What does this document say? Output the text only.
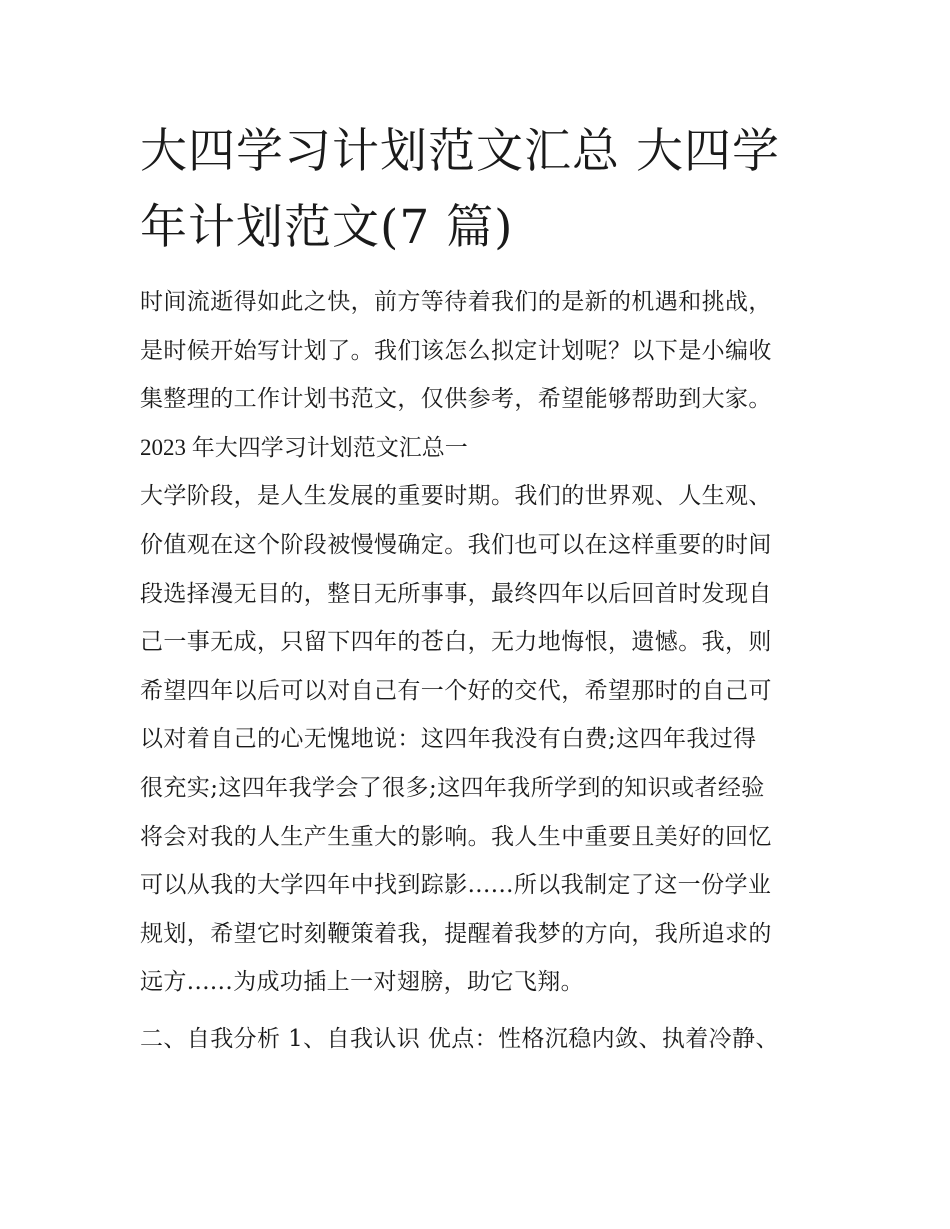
大四学习计划范文汇总 大四学
年计划范文(7 篇)
时间流逝得如此之快，前方等待着我们的是新的机遇和挑战，
是时候开始写计划了。我们该怎么拟定计划呢？以下是小编收
集整理的工作计划书范文，仅供参考，希望能够帮助到大家。
2023 年大四学习计划范文汇总一
大学阶段，是人生发展的重要时期。我们的世界观、人生观、
价值观在这个阶段被慢慢确定。我们也可以在这样重要的时间
段选择漫无目的，整日无所事事，最终四年以后回首时发现自
己一事无成，只留下四年的苍白，无力地悔恨，遗憾。我，则
希望四年以后可以对自己有一个好的交代，希望那时的自己可
以对着自己的心无愧地说：这四年我没有白费;这四年我过得
很充实;这四年我学会了很多;这四年我所学到的知识或者经验
将会对我的人生产生重大的影响。我人生中重要且美好的回忆
可以从我的大学四年中找到踪影......所以我制定了这一份学业
规划，希望它时刻鞭策着我，提醒着我梦的方向，我所追求的
远方......为成功插上一对翅膀，助它飞翔。
二、自我分析 1、自我认识 优点：性格沉稳内敛、执着冷静、
